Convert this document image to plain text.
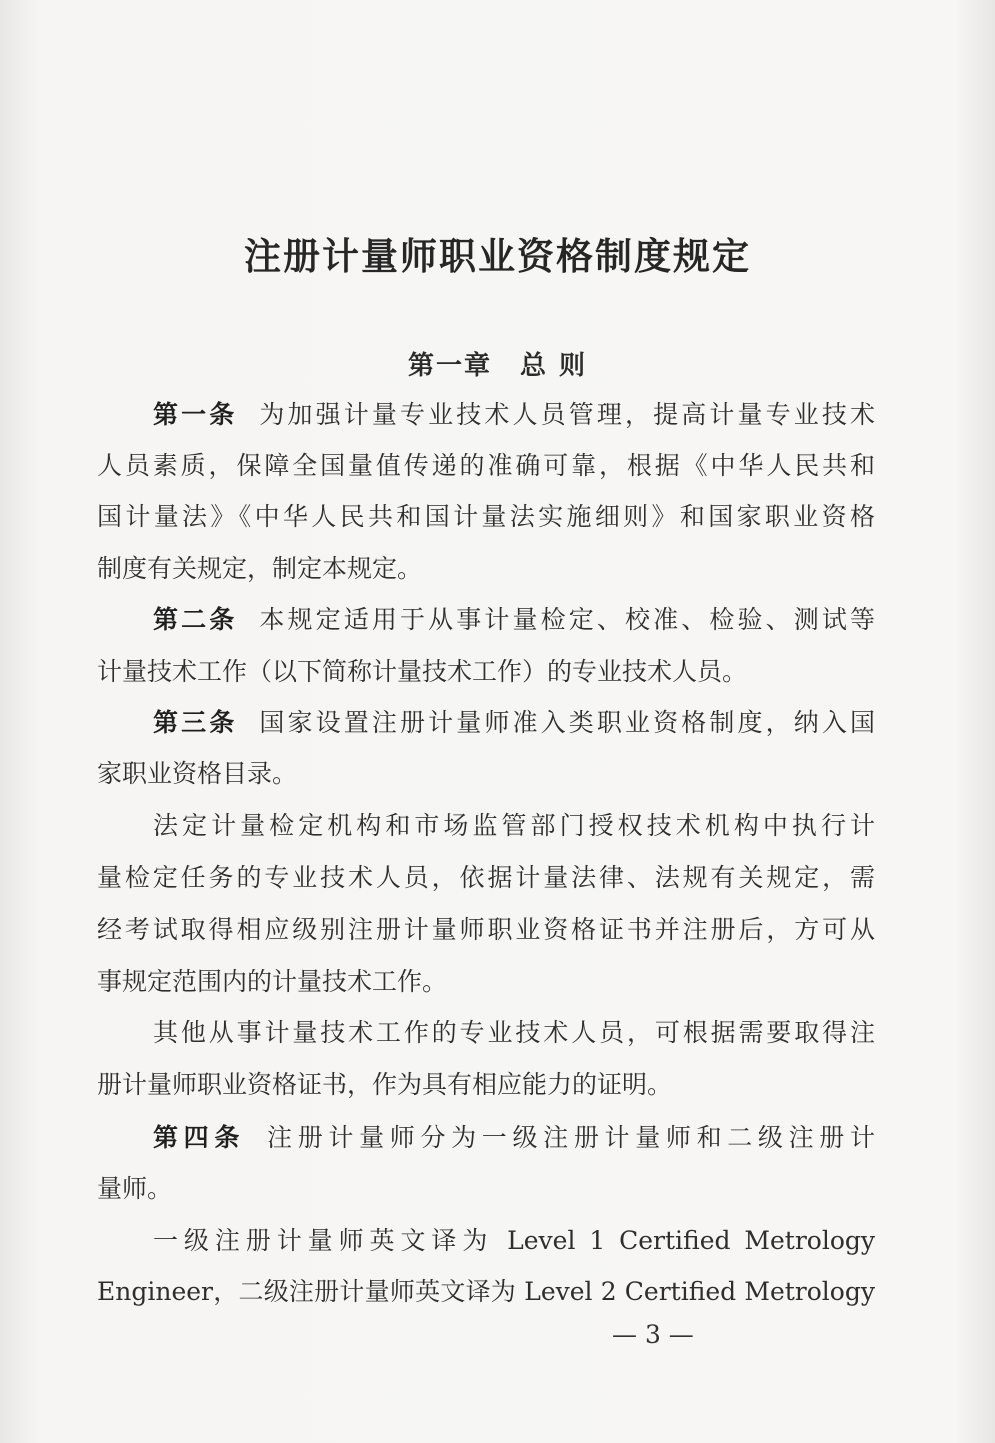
注册计量师职业资格制度规定
第一章 总 则
第一条 为加强计量专业技术人员管理，提高计量专业技术
人员素质，保障全国量值传递的准确可靠，根据《中华人民共和
国计量法》《中华人民共和国计量法实施细则》和国家职业资格
制度有关规定，制定本规定。
第二条 本规定适用于从事计量检定、校准、检验、测试等
计量技术工作（以下简称计量技术工作）的专业技术人员。
第三条 国家设置注册计量师准入类职业资格制度，纳入国
家职业资格目录。
法定计量检定机构和市场监管部门授权技术机构中执行计
量检定任务的专业技术人员，依据计量法律、法规有关规定，需
经考试取得相应级别注册计量师职业资格证书并注册后，方可从
事规定范围内的计量技术工作。
其他从事计量技术工作的专业技术人员，可根据需要取得注
册计量师职业资格证书，作为具有相应能力的证明。
第四条 注册计量师分为一级注册计量师和二级注册计
量师。
一级注册计量师英文译为 Level 1 Certified Metrology
Engineer，二级注册计量师英文译为 Level 2 Certified Metrology
— 3 —
